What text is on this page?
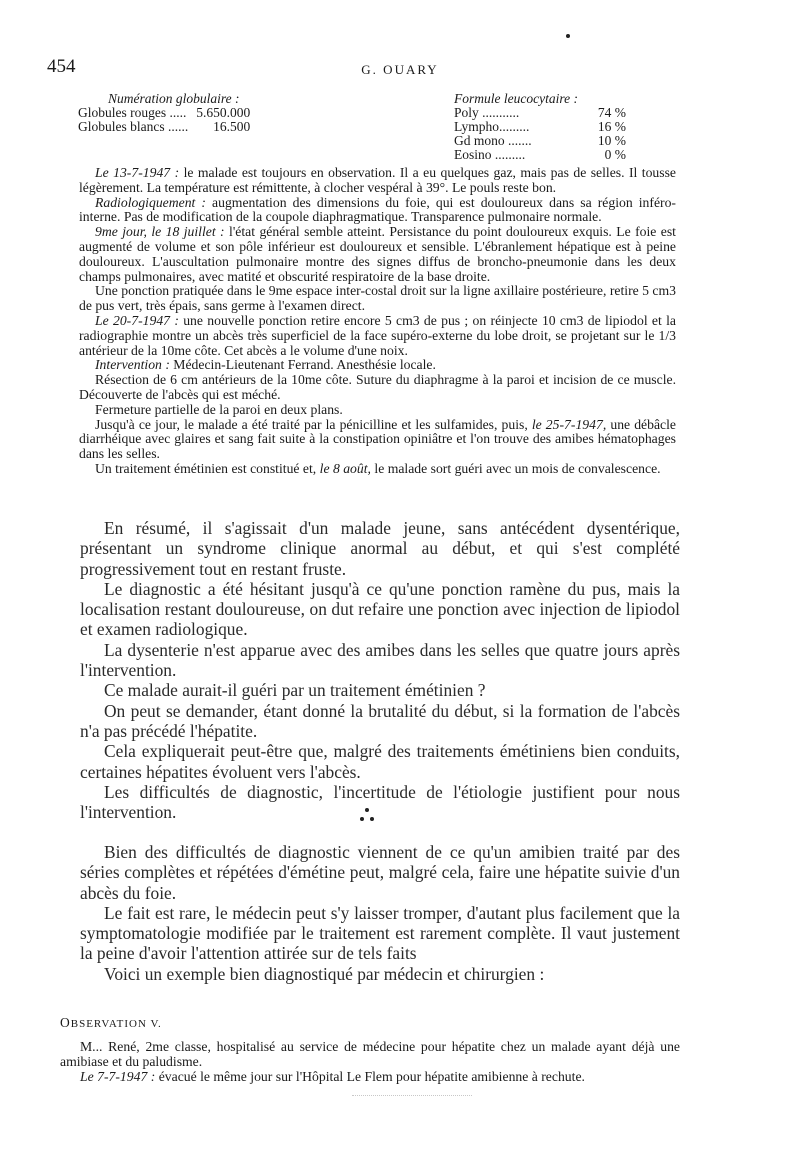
454	G. OUARY
Numération globulaire :
Globules rouges .....	5.650.000
Globules blancs ......	16.500
Formule leucocytaire :
Poly ...........	74 %
Lympho.........	16 %
Gd mono .......	10 %
Eosino .........	0 %

Le 13-7-1947 : le malade est toujours en observation. Il a eu quelques gaz, mais pas de selles. Il tousse légèrement. La température est rémittente, à clocher vespéral à 39°. Le pouls reste bon.

Radiologiquement : augmentation des dimensions du foie, qui est douloureux dans sa région inféro-interne. Pas de modification de la coupole diaphragmatique. Transparence pulmonaire normale.

9me jour, le 18 juillet : l'état général semble atteint. Persistance du point douloureux exquis. Le foie est augmenté de volume et son pôle inférieur est douloureux et sensible. L'ébranlement hépatique est à peine douloureux. L'auscultation pulmonaire montre des signes diffus de broncho-pneumonie dans les deux champs pulmonaires, avec matité et obscurité respiratoire de la base droite.

Une ponction pratiquée dans le 9me espace inter-costal droit sur la ligne axillaire postérieure, retire 5 cm3 de pus vert, très épais, sans germe à l'examen direct.

Le 20-7-1947 : une nouvelle ponction retire encore 5 cm3 de pus ; on réinjecte 10 cm3 de lipiodol et la radiographie montre un abcès très superficiel de la face supéro-externe du lobe droit, se projetant sur le 1/3 antérieur de la 10me côte. Cet abcès a le volume d'une noix.

Intervention : Médecin-Lieutenant Ferrand. Anesthésie locale.

Résection de 6 cm antérieurs de la 10me côte. Suture du diaphragme à la paroi et incision de ce muscle. Découverte de l'abcès qui est méché.

Fermeture partielle de la paroi en deux plans.

Jusqu'à ce jour, le malade a été traité par la pénicilline et les sulfamides, puis, le 25-7-1947, une débâcle diarrhéique avec glaires et sang fait suite à la constipation opiniâtre et l'on trouve des amibes hématophages dans les selles.

Un traitement émétinien est constitué et, le 8 août, le malade sort guéri avec un mois de convalescence.

En résumé, il s'agissait d'un malade jeune, sans antécédent dysentérique, présentant un syndrome clinique anormal au début, et qui s'est complété progressivement tout en restant fruste.

Le diagnostic a été hésitant jusqu'à ce qu'une ponction ramène du pus, mais la localisation restant douloureuse, on dut refaire une ponction avec injection de lipiodol et examen radiologique.

La dysenterie n'est apparue avec des amibes dans les selles que quatre jours après l'intervention.

Ce malade aurait-il guéri par un traitement émétinien ?

On peut se demander, étant donné la brutalité du début, si la formation de l'abcès n'a pas précédé l'hépatite.

Cela expliquerait peut-être que, malgré des traitements émétiniens bien conduits, certaines hépatites évoluent vers l'abcès.

Les difficultés de diagnostic, l'incertitude de l'étiologie justifient pour nous l'intervention.

Bien des difficultés de diagnostic viennent de ce qu'un amibien traité par des séries complètes et répétées d'émétine peut, malgré cela, faire une hépatite suivie d'un abcès du foie.

Le fait est rare, le médecin peut s'y laisser tromper, d'autant plus facilement que la symptomatologie modifiée par le traitement est rarement complète. Il vaut justement la peine d'avoir l'attention attirée sur de tels faits

Voici un exemple bien diagnostiqué par médecin et chirurgien :

OBSERVATION V.

M... René, 2me classe, hospitalisé au service de médecine pour hépatite chez un malade ayant déjà une amibiase et du paludisme.

Le 7-7-1947 : évacué le même jour sur l'Hôpital Le Flem pour hépatite amibienne à rechute.
